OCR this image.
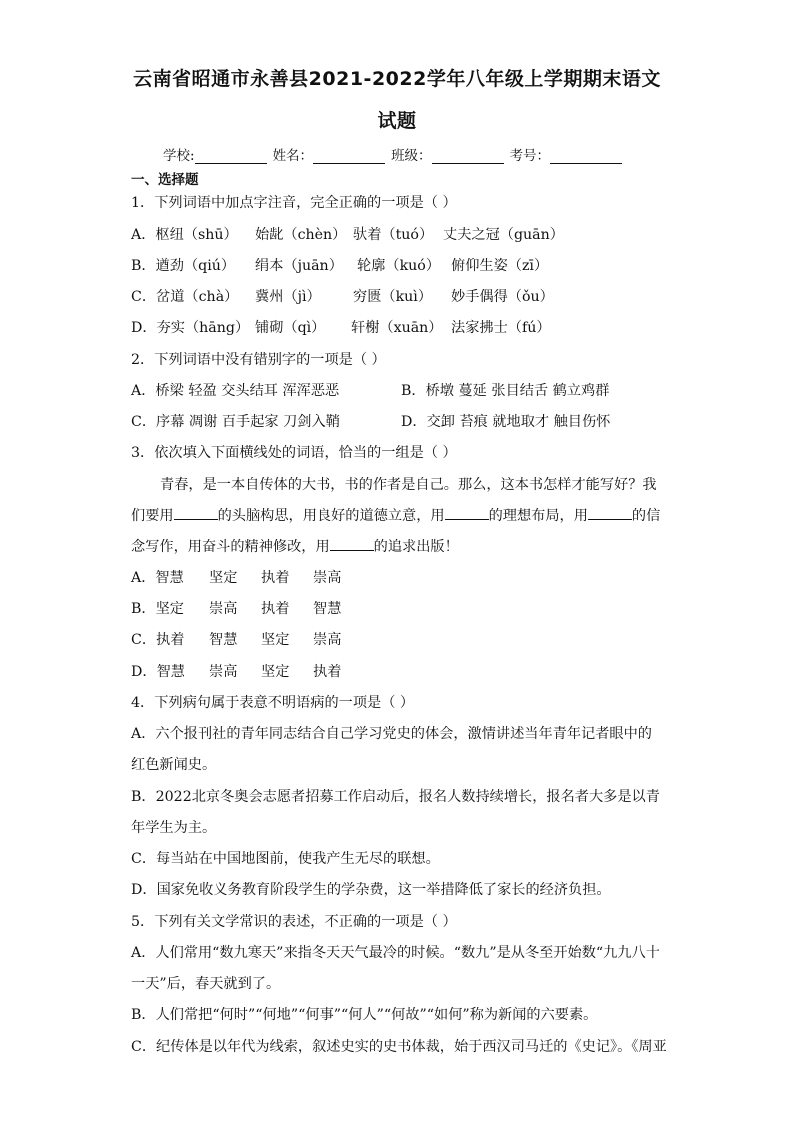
云南省昭通市永善县2021-2022学年八年级上学期期末语文
试题
学校:	姓名：	班级：	考号：
一、选择题
1．下列词语中加点字注音，完全正确的一项是（ ）
A．枢纽（shū）	始龀（chèn） 驮着（tuó） 丈夫之冠（guān）
B．遒劲（qiú）	绢本（juān） 轮廓（kuó） 俯仰生姿（zī）
C．岔道（chà）	冀州（jì）	穷匮（kuì）	妙手偶得（ǒu）
D．夯实（hāng） 铺砌（qì）	轩榭（xuān） 法家拂士（fú）
2．下列词语中没有错别字的一项是（ ）
A．桥梁 轻盈 交头结耳 浑浑恶恶	B．桥墩 蔓延 张目结舌 鹤立鸡群
C．序幕 凋谢 百手起家 刀剑入鞘	D．交卸 苔痕 就地取才 触目伤怀
3．依次填入下面横线处的词语，恰当的一组是（ ）
青春，是一本自传体的大书，书的作者是自己。那么，这本书怎样才能写好？我
们要用	的头脑构思，用良好的道德立意，用	的理想布局，用	的信
念写作，用奋斗的精神修改，用	的追求出版！
A．智慧	坚定	执着	崇高
B．坚定	崇高	执着	智慧
C．执着	智慧	坚定	崇高
D．智慧	崇高	坚定	执着
4．下列病句属于表意不明语病的一项是（ ）
A．六个报刊社的青年同志结合自己学习党史的体会，激情讲述当年青年记者眼中的
红色新闻史。
B．2022北京冬奥会志愿者招募工作启动后，报名人数持续增长，报名者大多是以青
年学生为主。
C．每当站在中国地图前，使我产生无尽的联想。
D．国家免收义务教育阶段学生的学杂费，这一举措降低了家长的经济负担。
5．下列有关文学常识的表述，不正确的一项是（ ）
A．人们常用“数九寒天”来指冬天天气最冷的时候。“数九”是从冬至开始数“九九八十
一天”后，春天就到了。
B．人们常把“何时”“何地”“何事”“何人”“何故”“如何”称为新闻的六要素。
C．纪传体是以年代为线索，叙述史实的史书体裁，始于西汉司马迁的《史记》。《周亚
